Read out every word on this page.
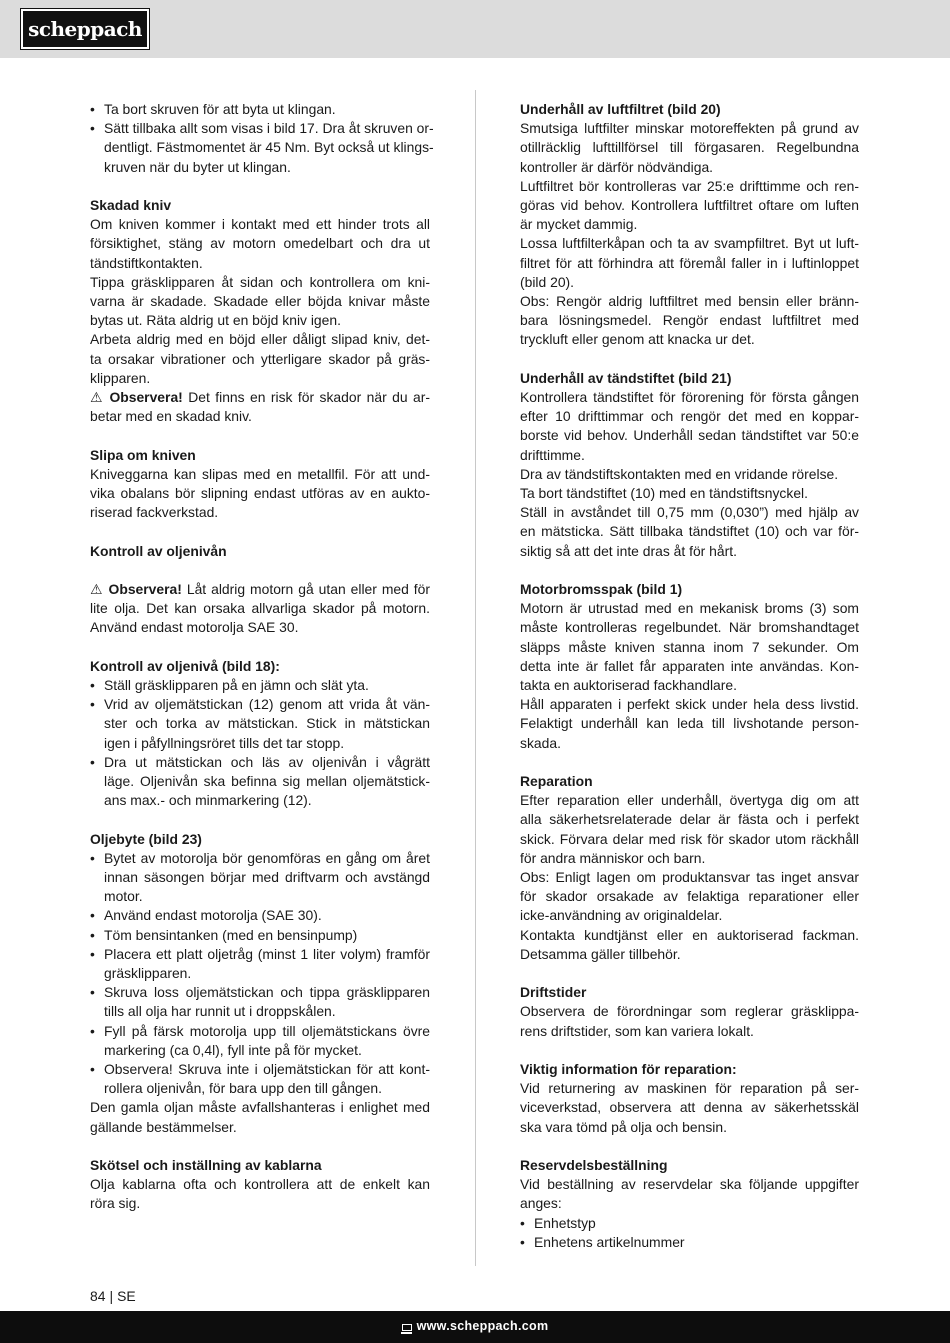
scheppach
• Ta bort skruven för att byta ut klingan.
• Sätt tillbaka allt som visas i bild 17. Dra åt skruven or-
dentligt. Fästmomentet är 45 Nm. Byt också ut klings-
kruven när du byter ut klingan.
Skadad kniv
Om kniven kommer i kontakt med ett hinder trots all
försiktighet, stäng av motorn omedelbart och dra ut
tändstiftkontakten.
Tippa gräsklipparen åt sidan och kontrollera om kni-
varna är skadade. Skadade eller böjda knivar måste
bytas ut. Räta aldrig ut en böjd kniv igen.
Arbeta aldrig med en böjd eller dåligt slipad kniv, det-
ta orsakar vibrationer och ytterligare skador på gräs-
klipparen.
⚠ Observera! Det finns en risk för skador när du ar-
betar med en skadad kniv.
Slipa om kniven
Kniveggarna kan slipas med en metallfil. För att und-
vika obalans bör slipning endast utföras av en aukto-
riserad fackverkstad.
Kontroll av oljenivån
⚠ Observera! Låt aldrig motorn gå utan eller med för
lite olja. Det kan orsaka allvarliga skador på motorn.
Använd endast motorolja SAE 30.
Kontroll av oljenivå (bild 18):
• Ställ gräsklipparen på en jämn och slät yta.
• Vrid av oljemätstickan (12) genom att vrida åt vän-
ster och torka av mätstickan. Stick in mätstickan
igen i påfyllningsröret tills det tar stopp.
• Dra ut mätstickan och läs av oljenivån i vågrätt
läge. Oljenivån ska befinna sig mellan oljemätstick-
ans max.- och minmarkering (12).
Oljebyte (bild 23)
• Bytet av motorolja bör genomföras en gång om året
innan säsongen börjar med driftvarm och avstängd
motor.
• Använd endast motorolja (SAE 30).
• Töm bensintanken (med en bensinpump)
• Placera ett platt oljetråg (minst 1 liter volym) framför
gräsklipparen.
• Skruva loss oljemätstickan och tippa gräsklipparen
tills all olja har runnit ut i droppskålen.
• Fyll på färsk motorolja upp till oljemätstickans övre
markering (ca 0,4l), fyll inte på för mycket.
• Observera! Skruva inte i oljemätstickan för att kont-
rollera oljenivån, för bara upp den till gången.
Den gamla oljan måste avfallshanteras i enlighet med
gällande bestämmelser.
Skötsel och inställning av kablarna
Olja kablarna ofta och kontrollera att de enkelt kan
röra sig.
Underhåll av luftfiltret (bild 20)
Smutsiga luftfilter minskar motoreffekten på grund av
otillräcklig lufttillförsel till förgasaren. Regelbundna
kontroller är därför nödvändiga.
Luftfiltret bör kontrolleras var 25:e drifttimme och ren-
göras vid behov. Kontrollera luftfiltret oftare om luften
är mycket dammig.
Lossa luftfilterkåpan och ta av svampfiltret. Byt ut luft-
filtret för att förhindra att föremål faller in i luftinloppet
(bild 20).
Obs: Rengör aldrig luftfiltret med bensin eller bränn-
bara lösningsmedel. Rengör endast luftfiltret med
tryckluft eller genom att knacka ur det.
Underhåll av tändstiftet (bild 21)
Kontrollera tändstiftet för förorening för första gången
efter 10 drifttimmar och rengör det med en koppar-
borste vid behov. Underhåll sedan tändstiftet var 50:e
drifttimme.
Dra av tändstiftskontakten med en vridande rörelse.
Ta bort tändstiftet (10) med en tändstiftsnyckel.
Ställ in avståndet till 0,75 mm (0,030”) med hjälp av
en mätsticka. Sätt tillbaka tändstiftet (10) och var för-
siktig så att det inte dras åt för hårt.
Motorbromsspak (bild 1)
Motorn är utrustad med en mekanisk broms (3) som
måste kontrolleras regelbundet. När bromshandtaget
släpps måste kniven stanna inom 7 sekunder. Om
detta inte är fallet får apparaten inte användas. Kon-
takta en auktoriserad fackhandlare.
Håll apparaten i perfekt skick under hela dess livstid.
Felaktigt underhåll kan leda till livshotande person-
skada.
Reparation
Efter reparation eller underhåll, övertyga dig om att
alla säkerhetsrelaterade delar är fästa och i perfekt
skick. Förvara delar med risk för skador utom räckhåll
för andra människor och barn.
Obs: Enligt lagen om produktansvar tas inget ansvar
för skador orsakade av felaktiga reparationer eller
icke-användning av originaldelar.
Kontakta kundtjänst eller en auktoriserad fackman.
Detsamma gäller tillbehör.
Driftstider
Observera de förordningar som reglerar gräsklippa-
rens driftstider, som kan variera lokalt.
Viktig information för reparation:
Vid returnering av maskinen för reparation på ser-
viceverkstad, observera att denna av säkerhetsskäl
ska vara tömd på olja och bensin.
Reservdelsbeställning
Vid beställning av reservdelar ska följande uppgifter
anges:
• Enhetstyp
• Enhetens artikelnummer
84 | SE
www.scheppach.com
